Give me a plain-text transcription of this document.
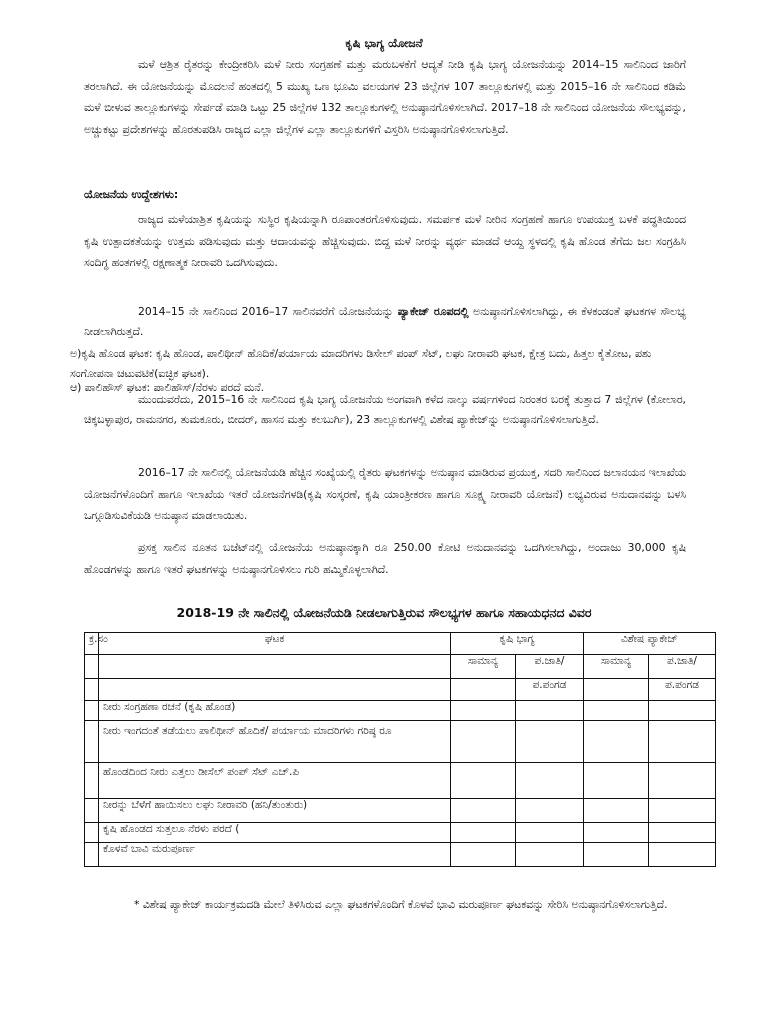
ಕೃಷಿ ಭಾಗ್ಯ ಯೋಜನೆ

ಮಳೆ ಆಶ್ರಿತ ರೈತರನ್ನು ಕೇಂದ್ರೀಕರಿಸಿ ಮಳೆ ನೀರು ಸಂಗ್ರಹಣೆ ಮತ್ತು ಮರುಬಳಕೆಗೆ ಆದ್ಯತೆ ನೀಡಿ ಕೃಷಿ ಭಾಗ್ಯ ಯೋಜನೆಯನ್ನು 2014–15 ಸಾಲಿನಿಂದ ಜಾರಿಗೆ ತರಲಾಗಿದೆ. ಈ ಯೋಜನೆಯನ್ನು ಮೊದಲನೆ ಹಂತದಲ್ಲಿ 5 ಮುಖ್ಯ ಒಣ ಭೂಮಿ ವಲಯಗಳ 23 ಜಿಲ್ಲೆಗಳ 107 ತಾಲ್ಲೂಕುಗಳಲ್ಲಿ ಮತ್ತು 2015–16 ನೇ ಸಾಲಿನಿಂದ ಕಡಿಮೆ ಮಳೆ ಬೀಳುವ ತಾಲ್ಲೂಕುಗಳನ್ನು ಸೇರ್ಪಡೆ ಮಾಡಿ ಒಟ್ಟು 25 ಜಿಲ್ಲೆಗಳ 132 ತಾಲ್ಲೂಕುಗಳಲ್ಲಿ ಅನುಷ್ಠಾನಗೊಳಿಸಲಾಗಿದೆ. 2017–18 ನೇ ಸಾಲಿನಿಂದ ಯೋಜನೆಯ ಸೌಲಭ್ಯವನ್ನು, ಅಚ್ಚುಕಟ್ಟು ಪ್ರದೇಶಗಳನ್ನು ಹೊರತುಪಡಿಸಿ ರಾಜ್ಯದ ಎಲ್ಲಾ ಜಿಲ್ಲೆಗಳ ಎಲ್ಲಾ ತಾಲ್ಲೂಕುಗಳಿಗೆ ವಿಸ್ತರಿಸಿ ಅನುಷ್ಠಾನಗೊಳಿಸಲಾಗುತ್ತಿದೆ.

ಯೋಜನೆಯ ಉದ್ದೇಶಗಳು:

ರಾಜ್ಯದ ಮಳೆಯಾಶ್ರಿತ ಕೃಷಿಯನ್ನು ಸುಸ್ಥಿರ ಕೃಷಿಯನ್ನಾಗಿ ರೂಪಾಂತರಗೊಳಿಸುವುದು. ಸಮರ್ಪಕ ಮಳೆ ನೀರಿನ ಸಂಗ್ರಹಣೆ ಹಾಗೂ ಉಪಯುಕ್ತ ಬಳಕೆ ಪದ್ಧತಿಯಿಂದ ಕೃಷಿ ಉತ್ಪಾದಕತೆಯನ್ನು ಉತ್ತಮ ಪಡಿಸುವುದು ಮತ್ತು ಆದಾಯವನ್ನು ಹೆಚ್ಚಿಸುವುದು. ಬಿದ್ದ ಮಳೆ ನೀರನ್ನು ವ್ಯರ್ಥ ಮಾಡದೆ ಆಯ್ದ ಸ್ಥಳದಲ್ಲಿ ಕೃಷಿ ಹೊಂಡ ತೆಗೆದು ಜಲ ಸಂಗ್ರಹಿಸಿ ಸಂದಿಗ್ಧ ಹಂತಗಳಲ್ಲಿ ರಕ್ಷಣಾತ್ಮಕ ನೀರಾವರಿ ಒದಗಿಸುವುದು.

2014–15 ನೇ ಸಾಲಿನಿಂದ 2016–17 ಸಾಲಿನವರೆಗೆ ಯೋಜನೆಯನ್ನು ಪ್ಯಾಕೇಜ್ ರೂಪದಲ್ಲಿ ಅನುಷ್ಠಾನಗೊಳಿಸಲಾಗಿದ್ದು, ಈ ಕೆಳಕಂಡಂತೆ ಘಟಕಗಳ ಸೌಲಭ್ಯ ನೀಡಲಾಗಿರುತ್ತದೆ.

ಅ)ಕೃಷಿ ಹೊಂಡ ಘಟಕ: ಕೃಷಿ ಹೊಂಡ, ಪಾಲಿಥೀನ್ ಹೊದಿಕೆ/ಪರ್ಯಾಯ ಮಾದರಿಗಳು ಡಿಸೇಲ್ ಪಂಪ್ ಸೆಟ್, ಲಘು ನೀರಾವರಿ ಘಟಕ, ಕ್ಷೇತ್ರ ಬದು, ಹಿತ್ತಲ ಕೈತೋಟ, ಪಶು ಸಂಗೋಪನಾ ಚಟುವಟಿಕೆ(ಐಚ್ಛಿಕ ಘಟಕ).

ಆ) ಪಾಲಿಹೌಸ್ ಘಟಕ: ಪಾಲಿಹೌಸ್/ನೆರಳು ಪರದೆ ಮನೆ.

ಮುಂದುವರೆದು, 2015–16 ನೇ ಸಾಲಿನಿಂದ ಕೃಷಿ ಭಾಗ್ಯ ಯೋಜನೆಯ ಅಂಗವಾಗಿ ಕಳೆದ ನಾಲ್ಕು ವರ್ಷಗಳಿಂದ ನಿರಂತರ ಬರಕ್ಕೆ ತುತ್ತಾದ 7 ಜಿಲ್ಲೆಗಳ (ಕೋಲಾರ, ಚಿಕ್ಕಬಳ್ಳಾಪುರ, ರಾಮನಗರ, ತುಮಕೂರು, ಬೀದರ್, ಹಾಸನ ಮತ್ತು ಕಲಬುರ್ಗಿ), 23 ತಾಲ್ಲೂಕುಗಳಲ್ಲಿ ವಿಶೇಷ ಪ್ಯಾಕೇಜ್‌ನ್ನು ಅನುಷ್ಠಾನಗೊಳಿಸಲಾಗುತ್ತಿದೆ.

2016–17 ನೇ ಸಾಲಿನಲ್ಲಿ ಯೋಜನೆಯಡಿ ಹೆಚ್ಚಿನ ಸಂಖ್ಯೆಯಲ್ಲಿ ರೈತರು ಘಟಕಗಳನ್ನು ಅನುಷ್ಠಾನ ಮಾಡಿರುವ ಪ್ರಯುಕ್ತ, ಸದರಿ ಸಾಲಿನಿಂದ ಜಲಾನಯನ ಇಲಾಖೆಯ ಯೋಜನೆಗಳೊಂದಿಗೆ ಹಾಗೂ ಇಲಾಖೆಯ ಇತರೆ ಯೋಜನೆಗಳಡಿ(ಕೃಷಿ ಸಂಸ್ಕರಣೆ, ಕೃಷಿ ಯಾಂತ್ರೀಕರಣ ಹಾಗೂ ಸೂಕ್ಷ್ಮ ನೀರಾವರಿ ಯೋಜನೆ) ಲಭ್ಯವಿರುವ ಅನುದಾನವನ್ನು ಬಳಸಿ ಒಗ್ಗೂಡಿಸುವಿಕೆಯಡಿ ಅನುಷ್ಠಾನ ಮಾಡಲಾಯಿತು.

ಪ್ರಸಕ್ತ ಸಾಲಿನ ನೂತನ ಬಜೆಟ್‌ನಲ್ಲಿ ಯೋಜನೆಯ ಅನುಷ್ಠಾನಕ್ಕಾಗಿ ರೂ 250.00 ಕೋಟಿ ಅನುದಾನವನ್ನು ಒದಗಿಸಲಾಗಿದ್ದು, ಅಂದಾಜು 30,000 ಕೃಷಿ ಹೊಂಡಗಳನ್ನು ಹಾಗೂ ಇತರೆ ಘಟಕಗಳನ್ನು ಅನುಷ್ಠಾನಗೊಳಿಸಲು ಗುರಿ ಹಮ್ಮಿಕೊಳ್ಳಲಾಗಿದೆ.

2018-19 ನೇ ಸಾಲಿನಲ್ಲಿ ಯೋಜನೆಯಡಿ ನೀಡಲಾಗುತ್ತಿರುವ ಸೌಲಭ್ಯಗಳ ಹಾಗೂ ಸಹಾಯಧನದ ವಿವರ
ಕ್ರ.ಸಂ	ಘಟಕ	ಕೃಷಿ ಭಾಗ್ಯ		ವಿಶೇಷ ಪ್ಯಾಕೇಜ್	
		ಸಾಮಾನ್ಯ	ಪ.ಜಾತಿ/	ಸಾಮಾನ್ಯ	ಪ.ಜಾತಿ/
			ಪ.ಪಂಗಡ		ಪ.ಪಂಗಡ
	ನೀರು ಸಂಗ್ರಹಣಾ ರಚನೆ (ಕೃಷಿ ಹೊಂಡ)				
	ನೀರು ಇಂಗದಂತೆ ತಡೆಯಲು ಪಾಲಿಥೀನ್ ಹೊದಿಕೆ/ ಪರ್ಯಾಯ ಮಾದರಿಗಳು ಗರಿಷ್ಠ ರೂ				
	ಹೊಂಡದಿಂದ ನೀರು ಎತ್ತಲು ಡೀಸೆಲ್ ಪಂಪ್ ಸೆಟ್ ಎಚ್.ಪಿ				
	ನೀರನ್ನು ಬೆಳೆಗೆ ಹಾಯಿಸಲು ಲಘು ನೀರಾವರಿ (ಹನಿ/ತುಂತುರು)				
	ಕೃಷಿ ಹೊಂಡದ ಸುತ್ತಲೂ ನೆರಳು ಪರದೆ (				
	ಕೊಳವೆ ಬಾವಿ ಮರುಪೂರ್ಣ				

* ವಿಶೇಷ ಪ್ಯಾಕೇಜ್ ಕಾರ್ಯಕ್ರಮದಡಿ ಮೇಲೆ ತಿಳಿಸಿರುವ ಎಲ್ಲಾ ಘಟಕಗಳೊಂದಿಗೆ ಕೊಳವೆ ಭಾವಿ ಮರುಪೂರ್ಣ ಘಟಕವನ್ನು ಸೇರಿಸಿ ಅನುಷ್ಠಾನಗೊಳಿಸಲಾಗುತ್ತಿದೆ.
